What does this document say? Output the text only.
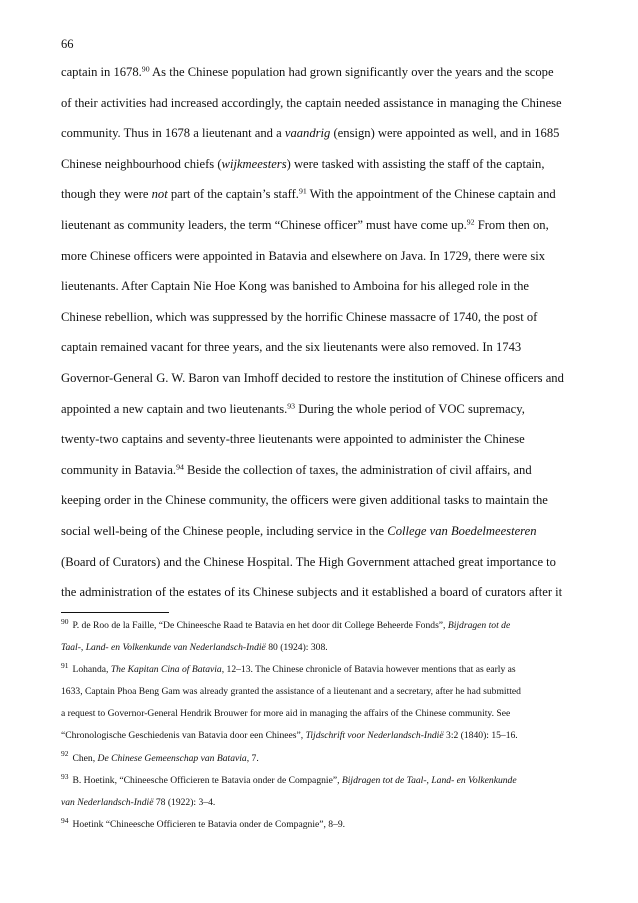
66
captain in 1678.90 As the Chinese population had grown significantly over the years and the scope
of their activities had increased accordingly, the captain needed assistance in managing the Chinese
community. Thus in 1678 a lieutenant and a vaandrig (ensign) were appointed as well, and in 1685
Chinese neighbourhood chiefs (wijkmeesters) were tasked with assisting the staff of the captain,
though they were not part of the captain’s staff.$^{91}$ With the appointment of the Chinese captain and
lieutenant as community leaders, the term “Chinese officer” must have come up.$^{92}$ From then on,
more Chinese officers were appointed in Batavia and elsewhere on Java. In 1729, there were six
lieutenants. After Captain Nie Hoe Kong was banished to Amboina for his alleged role in the
Chinese rebellion, which was suppressed by the horrific Chinese massacre of 1740, the post of
captain remained vacant for three years, and the six lieutenants were also removed. In 1743
Governor-General G. W. Baron van Imhoff decided to restore the institution of Chinese officers and
appointed a new captain and two lieutenants.$^{93}$ During the whole period of VOC supremacy,
twenty-two captains and seventy-three lieutenants were appointed to administer the Chinese
community in Batavia.$^{94}$ Beside the collection of taxes, the administration of civil affairs, and
keeping order in the Chinese community, the officers were given additional tasks to maintain the
social well-being of the Chinese people, including service in the College van Boedelmeesteren
(Board of Curators) and the Chinese Hospital. The High Government attached great importance to
the administration of the estates of its Chinese subjects and it established a board of curators after it
$^{90}$ P. de Roo de la Faille, “De Chineesche Raad te Batavia en het door dit College Beheerde Fonds”, Bijdragen tot de
Taal-, Land- en Volkenkunde van Nederlandsch-Indië 80 (1924): 308.
$^{91}$ Lohanda, The Kapitan Cina of Batavia, 12–13. The Chinese chronicle of Batavia however mentions that as early as
1633, Captain Phoa Beng Gam was already granted the assistance of a lieutenant and a secretary, after he had submitted
a request to Governor-General Hendrik Brouwer for more aid in managing the affairs of the Chinese community. See
“Chronologische Geschiedenis van Batavia door een Chinees”, Tijdschrift voor Nederlandsch-Indië 3:2 (1840): 15–16.
$^{92}$ Chen, De Chinese Gemeenschap van Batavia, 7.
$^{93}$ B. Hoetink, “Chineesche Officieren te Batavia onder de Compagnie”, Bijdragen tot de Taal-, Land- en Volkenkunde
van Nederlandsch-Indië 78 (1922): 3–4.
$^{94}$ Hoetink “Chineesche Officieren te Batavia onder de Compagnie”, 8–9.
